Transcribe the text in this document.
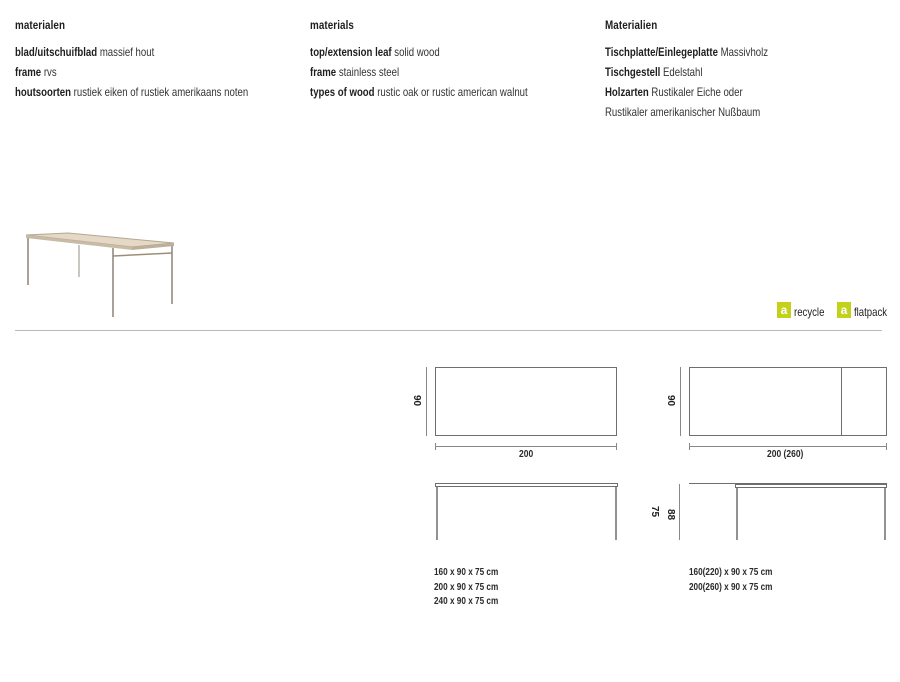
materialen
blad/uitschuifblad massief hout
frame rvs
houtsoorten rustiek eiken of rustiek amerikaans noten
materials
top/extension leaf solid wood
frame stainless steel
types of wood rustic oak or rustic american walnut
Materialien
Tischplatte/Einlegeplatte Massivholz
Tischgestell Edelstahl
Holzarten Rustikaler Eiche oder
Rustikaler amerikanischer Nußbaum
a recycle	a flatpack
90
200
160 x 90 x 75 cm
200 x 90 x 75 cm
240 x 90 x 75 cm
90
200 (260)
75 88
160(220) x 90 x 75 cm
200(260) x 90 x 75 cm
